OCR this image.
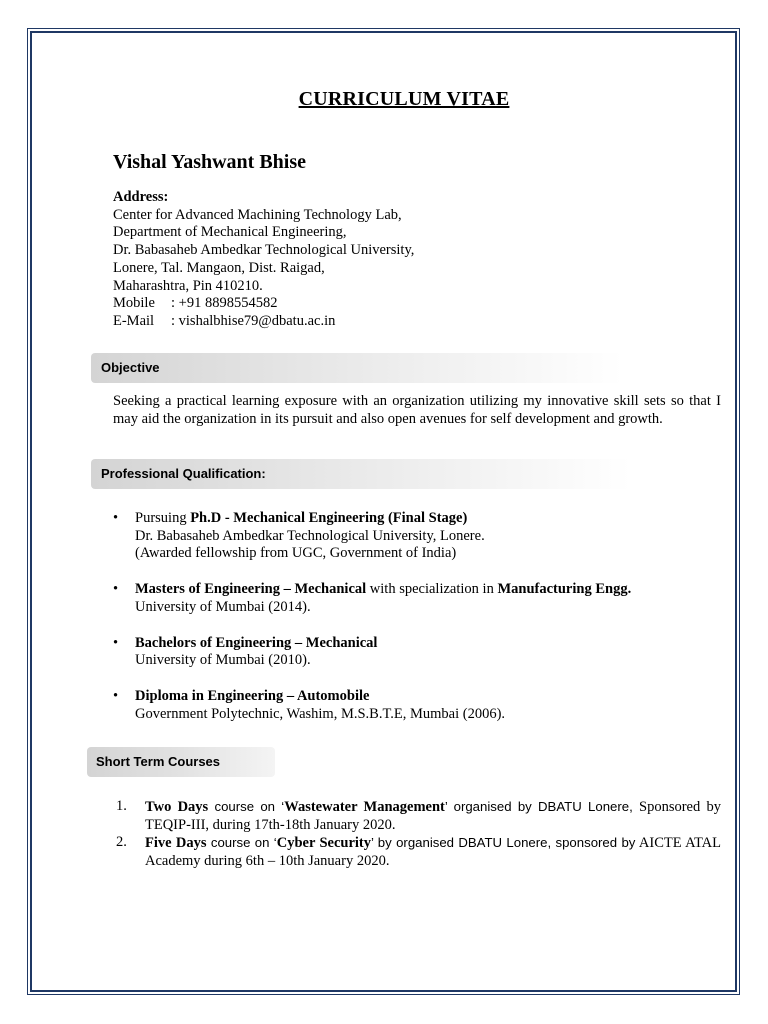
CURRICULUM VITAE
Vishal Yashwant Bhise
Address:
Center for Advanced Machining Technology Lab,
Department of Mechanical Engineering,
Dr. Babasaheb Ambedkar Technological University,
Lonere, Tal. Mangaon, Dist. Raigad,
Maharashtra, Pin 410210.
Mobile : +91 8898554582
E-Mail : vishalbhise79@dbatu.ac.in
Objective
Seeking a practical learning exposure with an organization utilizing my innovative skill sets so that I may aid the organization in its pursuit and also open avenues for self development and growth.
Professional Qualification:
• Pursuing Ph.D - Mechanical Engineering (Final Stage)
Dr. Babasaheb Ambedkar Technological University, Lonere.
(Awarded fellowship from UGC, Government of India)
• Masters of Engineering – Mechanical with specialization in Manufacturing Engg.
University of Mumbai (2014).
• Bachelors of Engineering – Mechanical
University of Mumbai (2010).
• Diploma in Engineering – Automobile
Government Polytechnic, Washim, M.S.B.T.E, Mumbai (2006).
Short Term Courses
1. Two Days course on ‘Wastewater Management’ organised by DBATU Lonere, Sponsored by TEQIP-III, during 17th-18th January 2020.
2. Five Days course on ‘Cyber Security’ by organised DBATU Lonere, sponsored by AICTE ATAL Academy during 6th – 10th January 2020.
